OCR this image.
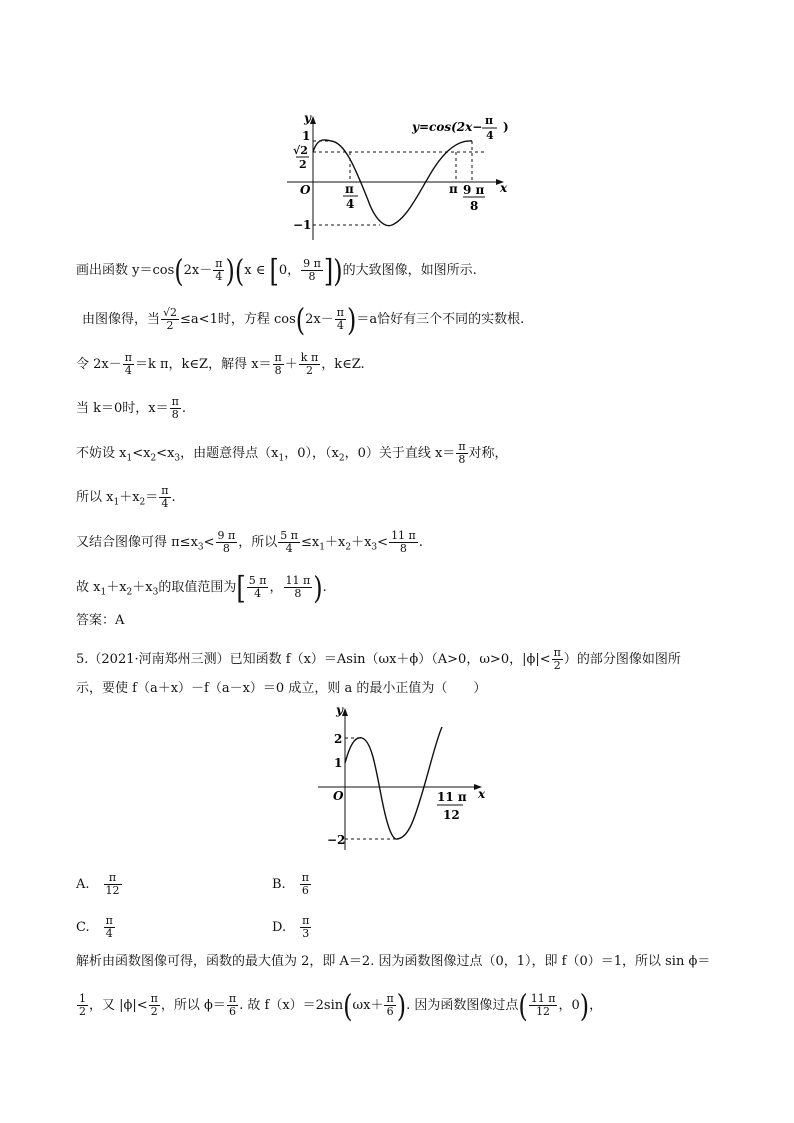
y
x
O
1
√2
2
−1
π
4
π 9 π
8
y=cos(2x− π
4
)
画出函数 $y=\cos(2x- \frac{\pi}{4} )(x$ ∈ [0， $\frac{9 \pi}{8}$ ])的大致图像，如图所示.
由图像得，当 $\frac{√2}{2} \le a<1$时，方程 $\cos(2x- \frac{\pi}{4} )=a$恰好有三个不同的实数根.
令 $2x- \frac{\pi}{4} =k$ π，k∈Z，解得 $x= \frac{\pi}{8} + \frac{\text{k π}}{2}$ ，k∈Z.
当 k＝0时，$x= \frac{\pi}{8}$ .
不妨设 $x_1<x_2<x_3$，由题意得点（$x_1$，0），（$x_2$，0）关于直线 $x= \frac{\pi}{8}$ 对称，
所以 $x_1+x_2= \frac{\pi}{4}$ .
又结合图像可得 $\pi\le x_3< \frac{9 \pi}{8}$ ，所以 $\frac{5 \pi}{4} \le x_1+x_2+x_3< \frac{11 \pi}{8}$ .
故 $x_1+x_2+x_3$的取值范围为[ $\frac{5 \pi}{4}$ ， $\frac{11 \pi}{8}$ ).
答案：A
5.（2021·河南郑州三测）已知函数 f（x）＝Asin（ωx＋ϕ）（A>0，ω>0，$|\phi|< \frac{\pi}{2}$ ）的部分图像如图所
示，要使 f（a＋x）－f（a－x）＝0 成立，则 a 的最小正值为（　　）
y
x
O
2
1
−2
11 π
12
A.　 $\frac{\pi}{12}$	B.　 $\frac{\pi}{6}$
C.　 $\frac{\pi}{4}$	D.　 $\frac{\pi}{3}$
解析由函数图像可得，函数的最大值为 2，即 A＝2. 因为函数图像过点（0，1），即 f（0）＝1，所以 sin ϕ＝
$\frac{1}{2}$ ，又 $|\phi|< \frac{\pi}{2}$ ，所以 $\phi= \frac{\pi}{6}$ . 故 $f(x)=2\sin(\omega x+ \frac{\pi}{6}$ ). 因为函数图像过点( $\frac{11 \pi}{12}$ ，0)，
